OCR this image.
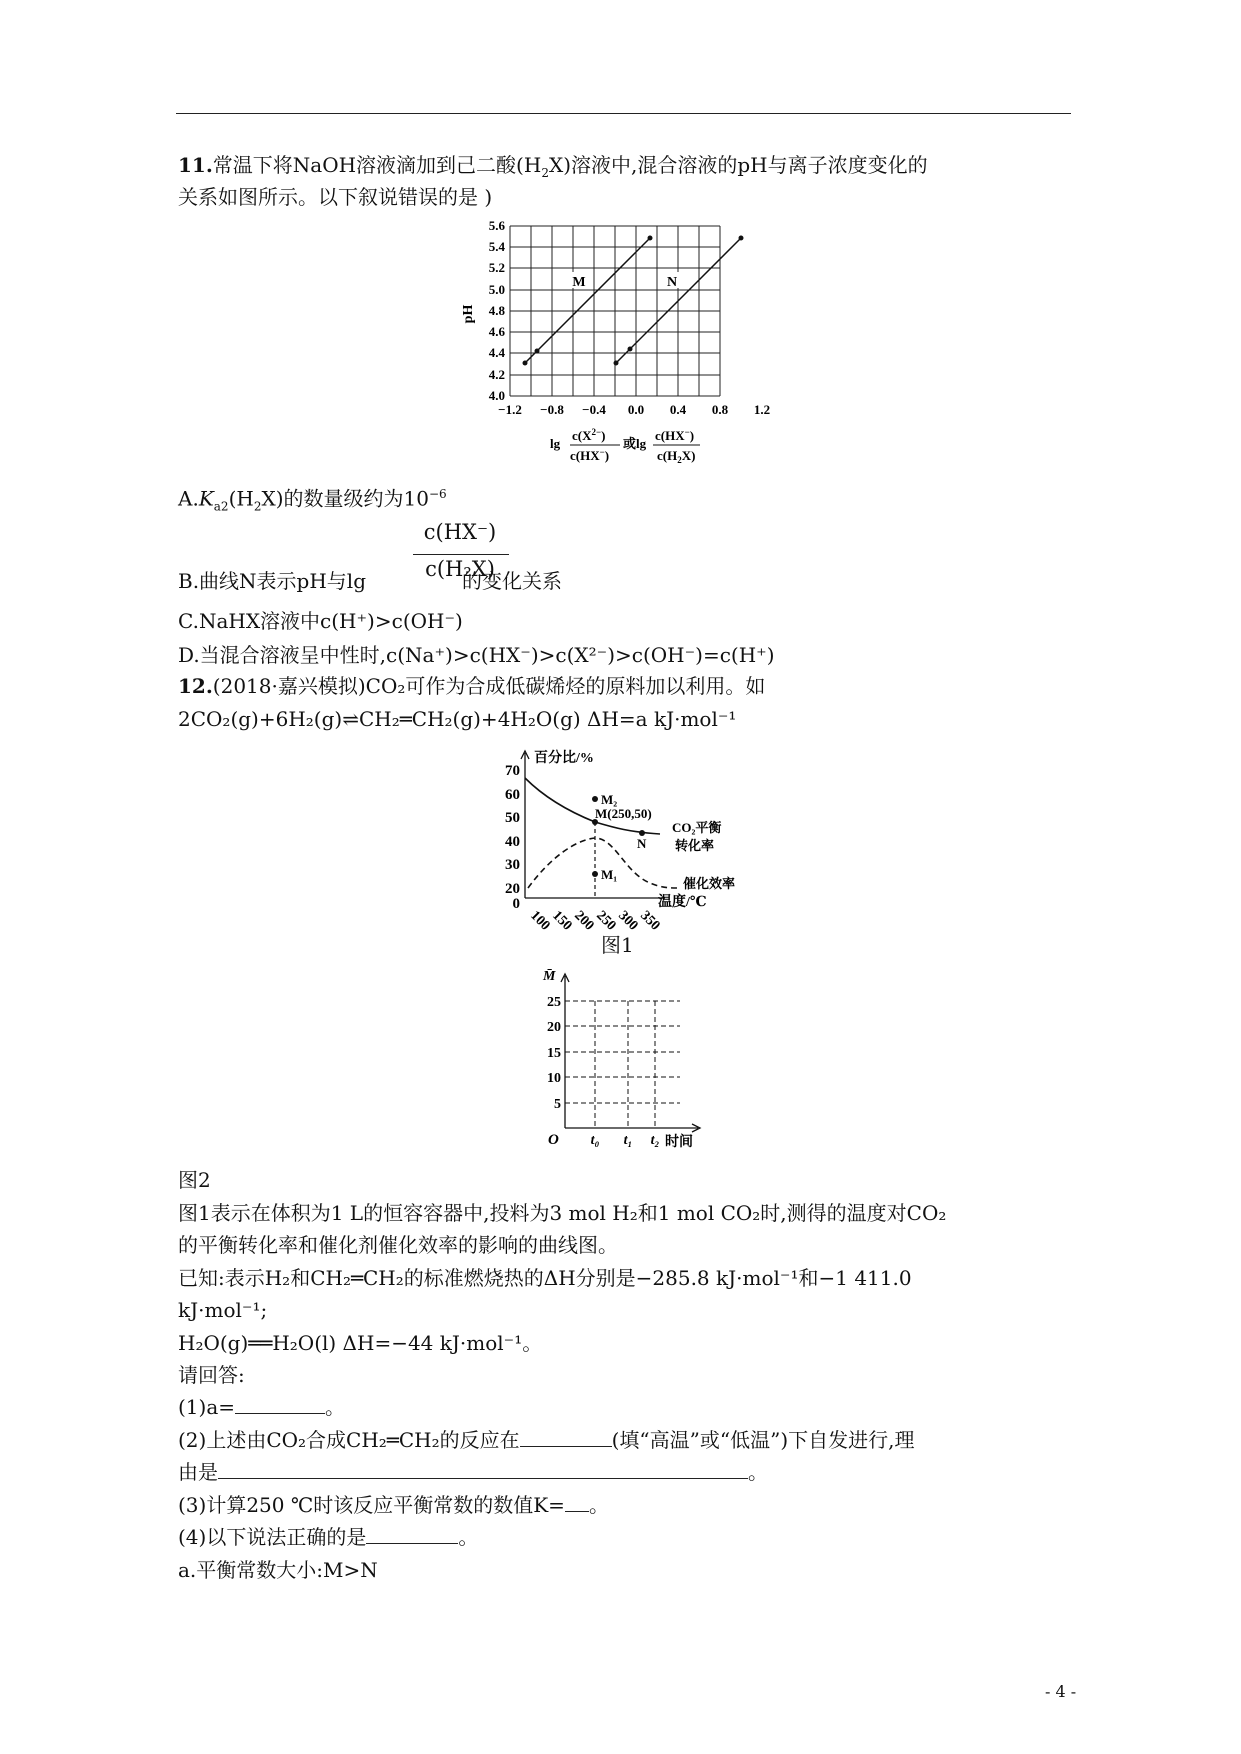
11.常温下将NaOH溶液滴加到己二酸$(H_2X)$溶液中,混合溶液的pH与离子浓度变化的
关系如图所示。以下叙说错误的是 )
5.6
5.4
5.2
5.0
4.8
4.6
4.4
4.2
4.0
pH
−1.2 −0.8 −0.4 0.0 0.4 0.8 1.2
M	N
lg
$c(X^{2-})$
c(HX−)
或lg
c(HX−)
$c(H_2X)$
$A.K_{a2}(H_2X)$的数量级约为$10^{-6}$
c(HX⁻)
c(H₂X)
B.曲线N表示pH与lg	的变化关系
C.NaHX溶液中c(H⁺)>c(OH⁻)
D.当混合溶液呈中性时,c(Na⁺)>c(HX⁻)>c(X²⁻)>c(OH⁻)=c(H⁺)
12.(2018·嘉兴模拟)CO₂可作为合成低碳烯烃的原料加以利用。如
2CO₂(g)+6H₂(g)⇌CH₂═CH₂(g)+4H₂O(g) ΔH=a kJ·mol⁻¹
百分比/%
70
60
50
40
30
20
0
100
150
200
250
300
350
温度/℃
M₂
M(250,50)
N
M₁
CO₂平衡
转化率
催化效率
图1
M̄
25
20
15
10
5
O t₀ t₁ t₂ 时间
图2
图1表示在体积为1 L的恒容容器中,投料为3 mol H₂和1 mol CO₂时,测得的温度对CO₂
的平衡转化率和催化剂催化效率的影响的曲线图。
已知:表示H₂和CH₂═CH₂的标准燃烧热的ΔH分别是−285.8 kJ·mol⁻¹和−1 411.0
kJ·mol⁻¹;
H₂O(g)══H₂O(l) ΔH=−44 kJ·mol⁻¹。
请回答:
(1)a=	。
(2)上述由CO₂合成CH₂═CH₂的反应在	(填“高温”或“低温”)下自发进行,理
由是	。
(3)计算250 ℃时该反应平衡常数的数值K= 。
(4)以下说法正确的是	。
a.平衡常数大小:M>N
- 4 -
